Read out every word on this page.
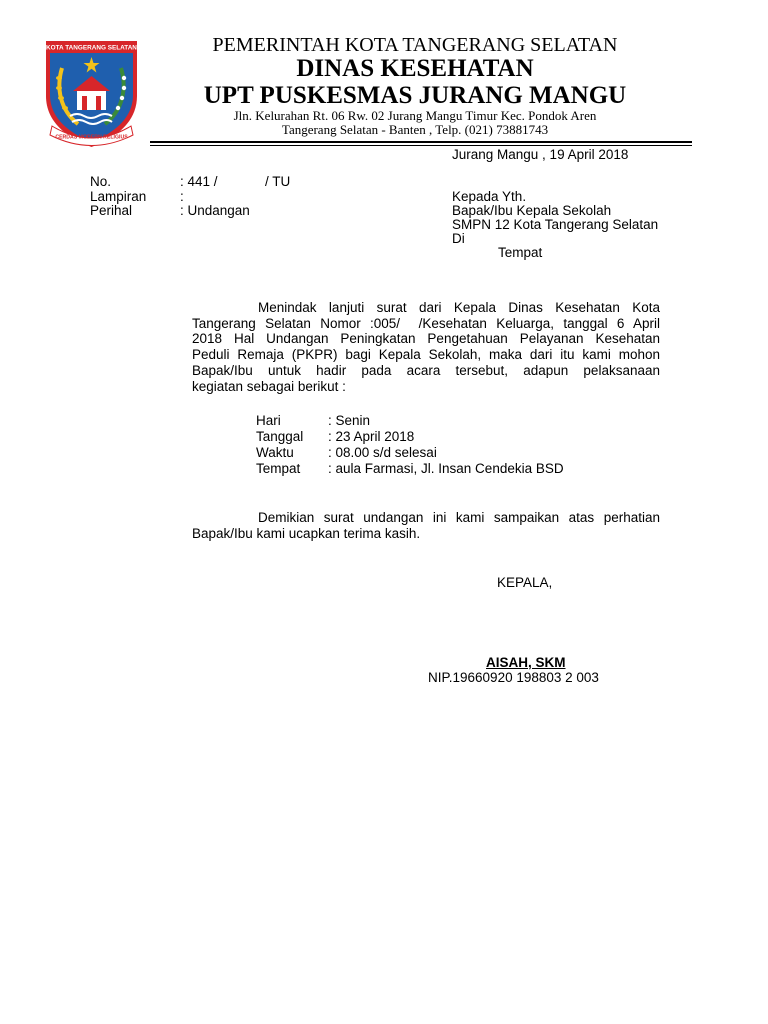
KOTA TANGERANG SELATAN
CERDAS MODERN RELIGIUS
PEMERINTAH KOTA TANGERANG SELATAN
DINAS KESEHATAN
UPT PUSKESMAS JURANG MANGU
Jln. Kelurahan Rt. 06 Rw. 02 Jurang Mangu Timur Kec. Pondok Aren
Tangerang Selatan - Banten , Telp. (021) 73881743
Jurang Mangu , 19 April 2018
No.	: 441 /	/ TU
Lampiran :
Perihal	: Undangan
Kepada Yth.
Bapak/Ibu Kepala Sekolah
SMPN 12 Kota Tangerang Selatan
Di
Tempat
Menindak lanjuti surat dari Kepala Dinas Kesehatan Kota
Tangerang Selatan Nomor :005/  /Kesehatan Keluarga, tanggal 6 April
2018 Hal Undangan Peningkatan Pengetahuan Pelayanan Kesehatan
Peduli Remaja (PKPR) bagi Kepala Sekolah, maka dari itu kami mohon
Bapak/Ibu untuk hadir pada acara tersebut, adapun pelaksanaan
kegiatan sebagai berikut :
Hari	: Senin
Tanggal : 23 April 2018
Waktu	: 08.00 s/d selesai
Tempat : aula Farmasi, Jl. Insan Cendekia BSD
Demikian surat undangan ini kami sampaikan atas perhatian
Bapak/Ibu kami ucapkan terima kasih.
KEPALA,
AISAH, SKM
NIP.19660920 198803 2 003
